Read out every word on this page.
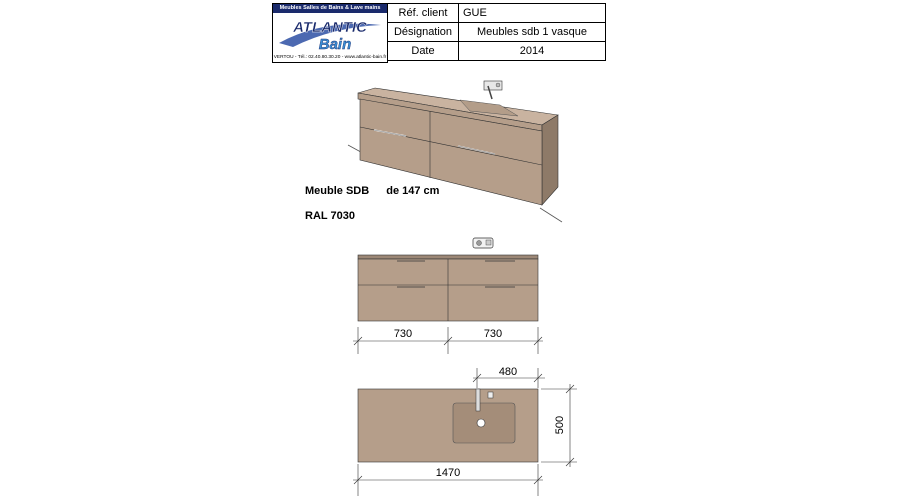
Meubles Salles de Bains & Lave mains
ATLANTIC
Bain
VERTOU - Tél.: 02.40.80.30.20 - www.atlantic-bain.fr
Réf. client	GUE
Désignation	Meubles sdb 1 vasque
Date	2014
Meuble SDB de 147 cm
RAL 7030
730	730
480
500
1470
